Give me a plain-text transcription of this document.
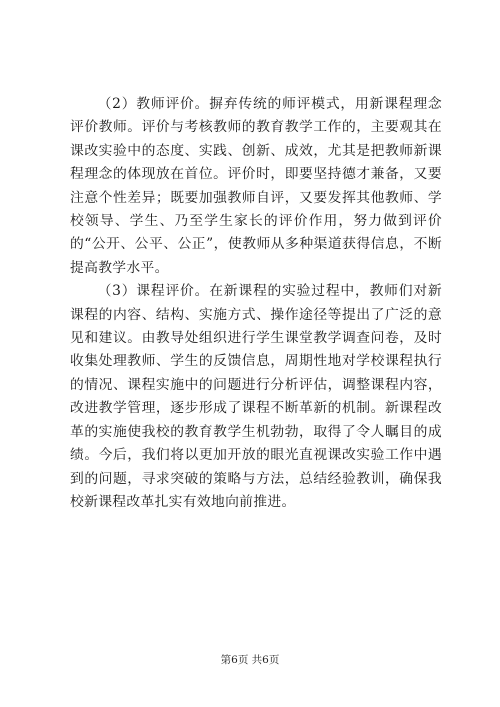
（2）教师评价。摒弃传统的师评模式，用新课程理念评价教师。评价与考核教师的教育教学工作的，主要观其在课改实验中的态度、实践、创新、成效，尤其是把教师新课程理念的体现放在首位。评价时，即要坚持德才兼备，又要注意个性差异；既要加强教师自评，又要发挥其他教师、学校领导、学生、乃至学生家长的评价作用，努力做到评价的“公开、公平、公正”，使教师从多种渠道获得信息，不断提高教学水平。

（3）课程评价。在新课程的实验过程中，教师们对新课程的内容、结构、实施方式、操作途径等提出了广泛的意见和建议。由教导处组织进行学生课堂教学调查问卷，及时收集处理教师、学生的反馈信息，周期性地对学校课程执行的情况、课程实施中的问题进行分析评估，调整课程内容，改进教学管理，逐步形成了课程不断革新的机制。新课程改革的实施使我校的教育教学生机勃勃，取得了令人瞩目的成绩。今后，我们将以更加开放的眼光直视课改实验工作中遇到的问题，寻求突破的策略与方法，总结经验教训，确保我校新课程改革扎实有效地向前推进。

第6页 共6页
